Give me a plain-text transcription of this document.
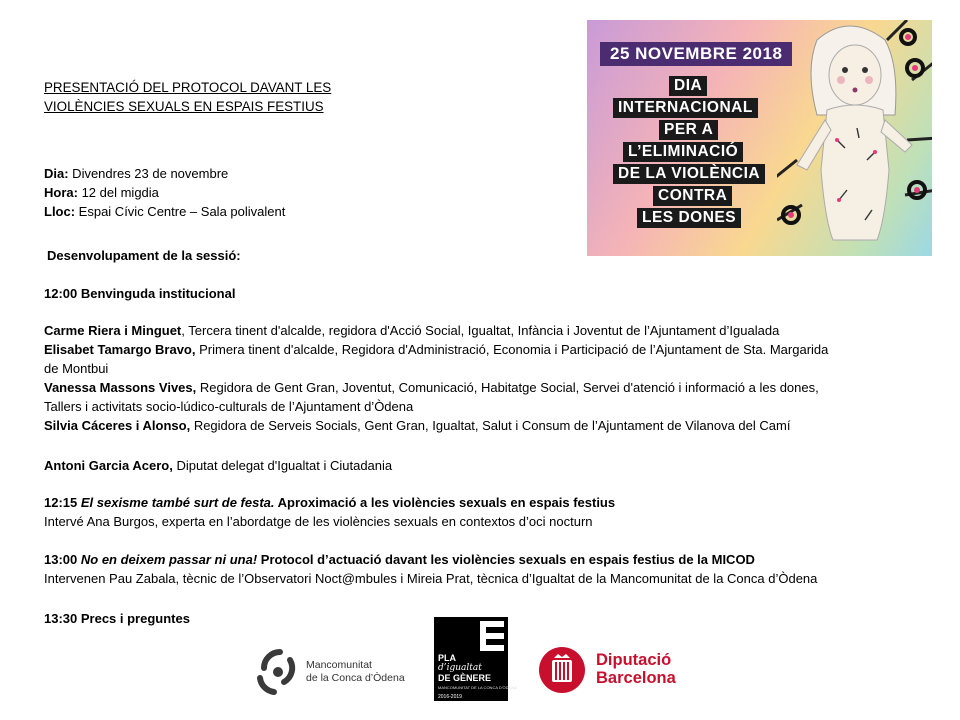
PRESENTACIÓ DEL PROTOCOL DAVANT LES
VIOLÈNCIES SEXUALS EN ESPAIS FESTIUS
Dia: Divendres 23 de novembre
Hora: 12 del migdia
Lloc: Espai Cívic Centre – Sala polivalent
Desenvolupament de la sessió:
12:00 Benvinguda institucional
Carme Riera i Minguet, Tercera tinent d'alcalde, regidora d'Acció Social, Igualtat, Infància i Joventut de l’Ajuntament d’Igualada
Elisabet Tamargo Bravo, Primera tinent d'alcalde, Regidora d'Administració, Economia i Participació de l’Ajuntament de Sta. Margarida
de Montbui
Vanessa Massons Vives, Regidora de Gent Gran, Joventut, Comunicació, Habitatge Social, Servei d'atenció i informació a les dones,
Tallers i activitats socio-lúdico-culturals de l’Ajuntament d’Òdena
Silvia Cáceres i Alonso, Regidora de Serveis Socials, Gent Gran, Igualtat, Salut i Consum de l’Ajuntament de Vilanova del Camí
Antoni Garcia Acero, Diputat delegat d'Igualtat i Ciutadania
12:15 El sexisme també surt de festa. Aproximació a les violències sexuals en espais festius
Intervé Ana Burgos, experta en l’abordatge de les violències sexuals en contextos d’oci nocturn
13:00 No en deixem passar ni una! Protocol d’actuació davant les violències sexuals en espais festius de la MICOD
Intervenen Pau Zabala, tècnic de l’Observatori Noct@mbules i Mireia Prat, tècnica d’Igualtat de la Mancomunitat de la Conca d’Òdena
13:30 Precs i preguntes
25 NOVEMBRE 2018
DIA
INTERNACIONAL
PER A
L’ELIMINACIÓ
DE LA VIOLÈNCIA
CONTRA
LES DONES
Mancomunitat
de la Conca d’Òdena
PLA
d’igualtat
DE GÈNERE
MANCOMUNITAT DE LA CONCA D'ÒDENA
2016-2019
Diputació
Barcelona
